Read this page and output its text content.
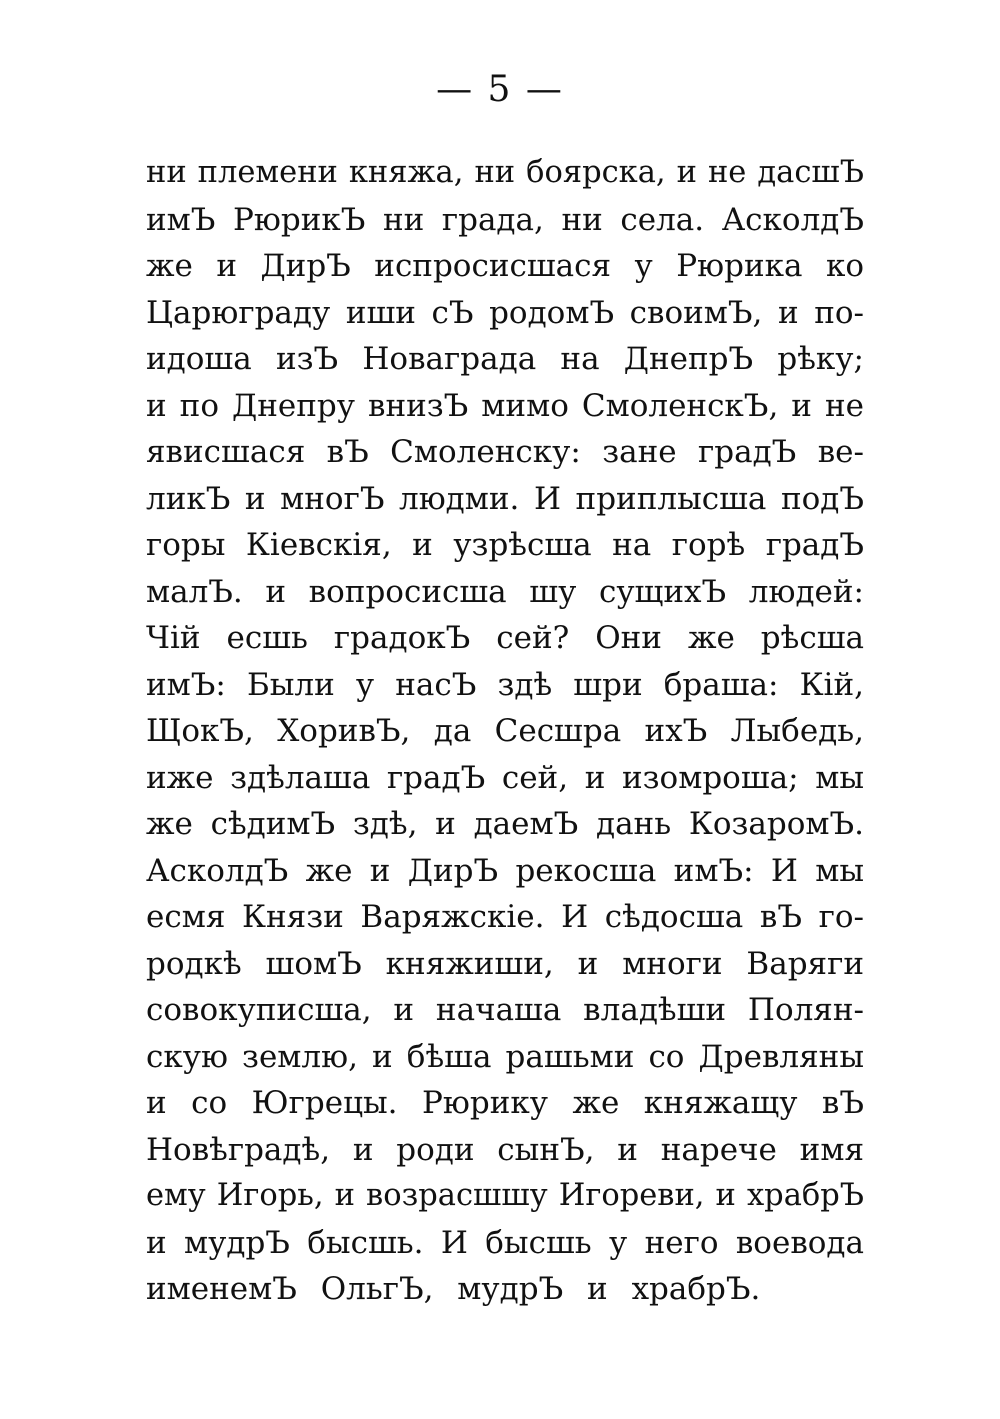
— 5 —
ни племени княжа, ни боярска, и не дасшЪ
имЪ РюрикЪ ни града, ни села. АсколдЪ
же и ДирЪ испросисшася у Рюрика ко
Царюграду иши сЪ родомЪ своимЪ, и по-
идоша изЪ Новаграда на ДнепрЪ рѣку;
и по Днепру внизЪ мимо СмоленскЪ, и не
явисшася вЪ Смоленску: зане градЪ ве-
ликЪ и многЪ людми. И приплысша подЪ
горы Кіевскія, и узрѣсша на горѣ градЪ
малЪ. и вопросисша шу сущихЪ людей:
Чій есшь градокЪ сей? Они же рѣсша
имЪ: Были у насЪ здѣ шри браша: Кій,
ЩокЪ, ХоривЪ, да Сесшра ихЪ Лыбедь,
иже здѣлаша градЪ сей, и изомроша; мы
же сѣдимЪ здѣ, и даемЪ дань КозаромЪ.
АсколдЪ же и ДирЪ рекосша имЪ: И мы
есмя Князи Варяжскіе. И сѣдосша вЪ го-
родкѣ шомЪ княжиши, и многи Варяги
совокуписша, и начаша владѣши Полян-
скую землю, и бѣша рашьми со Древляны
и со Югрецы. Рюрику же княжащу вЪ
Новѣградѣ, и роди сынЪ, и нарече имя
ему Игорь, и возрасшшу Игореви, и храбрЪ
и мудрЪ бысшь. И бысшь у него воевода
именемЪ ОльгЪ, мудрЪ и храбрЪ.
